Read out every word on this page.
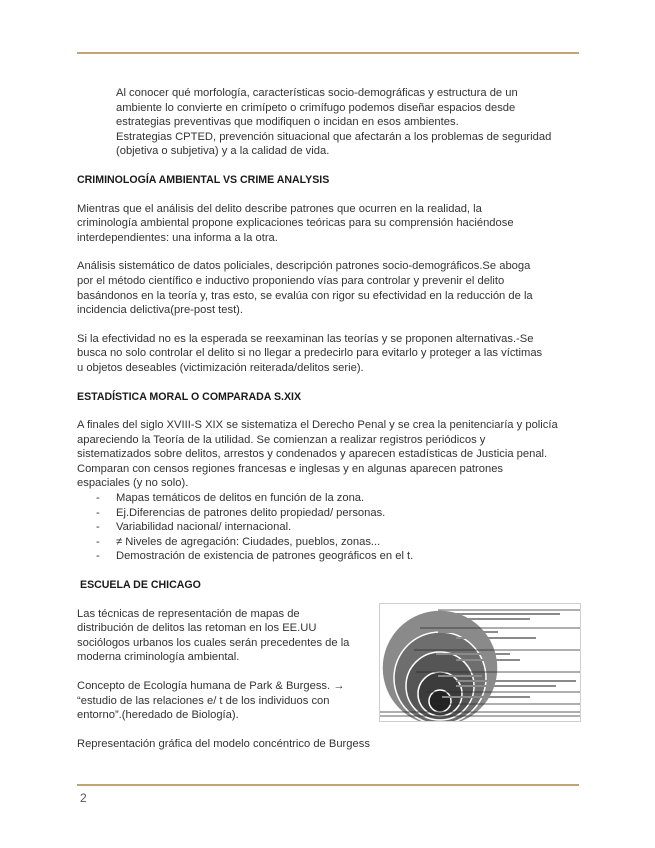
Al conocer qué morfología, características socio-demográficas y estructura de un

ambiente lo convierte en crimípeto o crimífugo podemos diseñar espacios desde

estrategias preventivas que modifiquen o incidan en esos ambientes.

Estrategias CPTED, prevención situacional que afectarán a los problemas de seguridad

(objetiva o subjetiva) y a la calidad de vida.

CRIMINOLOGÍA AMBIENTAL VS CRIME ANALYSIS

Mientras que el análisis del delito describe patrones que ocurren en la realidad, la

criminología ambiental propone explicaciones teóricas para su comprensión haciéndose

interdependientes: una informa a la otra.

Análisis sistemático de datos policiales, descripción patrones socio-demográficos.Se aboga

por el método científico e inductivo proponiendo vías para controlar y prevenir el delito

basándonos en la teoría y, tras esto, se evalúa con rigor su efectividad en la reducción de la

incidencia delictiva(pre-post test).

Si la efectividad no es la esperada se reexaminan las teorías y se proponen alternativas.-Se

busca no solo controlar el delito si no llegar a predecirlo para evitarlo y proteger a las víctimas

u objetos deseables (victimización reiterada/delitos serie).

ESTADÍSTICA MORAL O COMPARADA S.XIX

A finales del siglo XVIII-S XIX se sistematiza el Derecho Penal y se crea la penitenciaría y policía

apareciendo la Teoría de la utilidad. Se comienzan a realizar registros periódicos y

sistematizados sobre delitos, arrestos y condenados y aparecen estadísticas de Justicia penal.

Comparan con censos regiones francesas e inglesas y en algunas aparecen patrones

espaciales (y no solo).

- Mapas temáticos de delitos en función de la zona.
- Ej.Diferencias de patrones delito propiedad/ personas.
- Variabilidad nacional/ internacional.
- ≠ Niveles de agregación: Ciudades, pueblos, zonas...
- Demostración de existencia de patrones geográficos en el t.
ESCUELA DE CHICAGO

Las técnicas de representación de mapas de

distribución de delitos las retoman en los EE.UU

sociólogos urbanos los cuales serán precedentes de la

moderna criminología ambiental.

Concepto de Ecología humana de Park & Burgess. →

“estudio de las relaciones e/ t de los individuos con

entorno”.(heredado de Biología).

Representación gráfica del modelo concéntrico de Burgess

2
